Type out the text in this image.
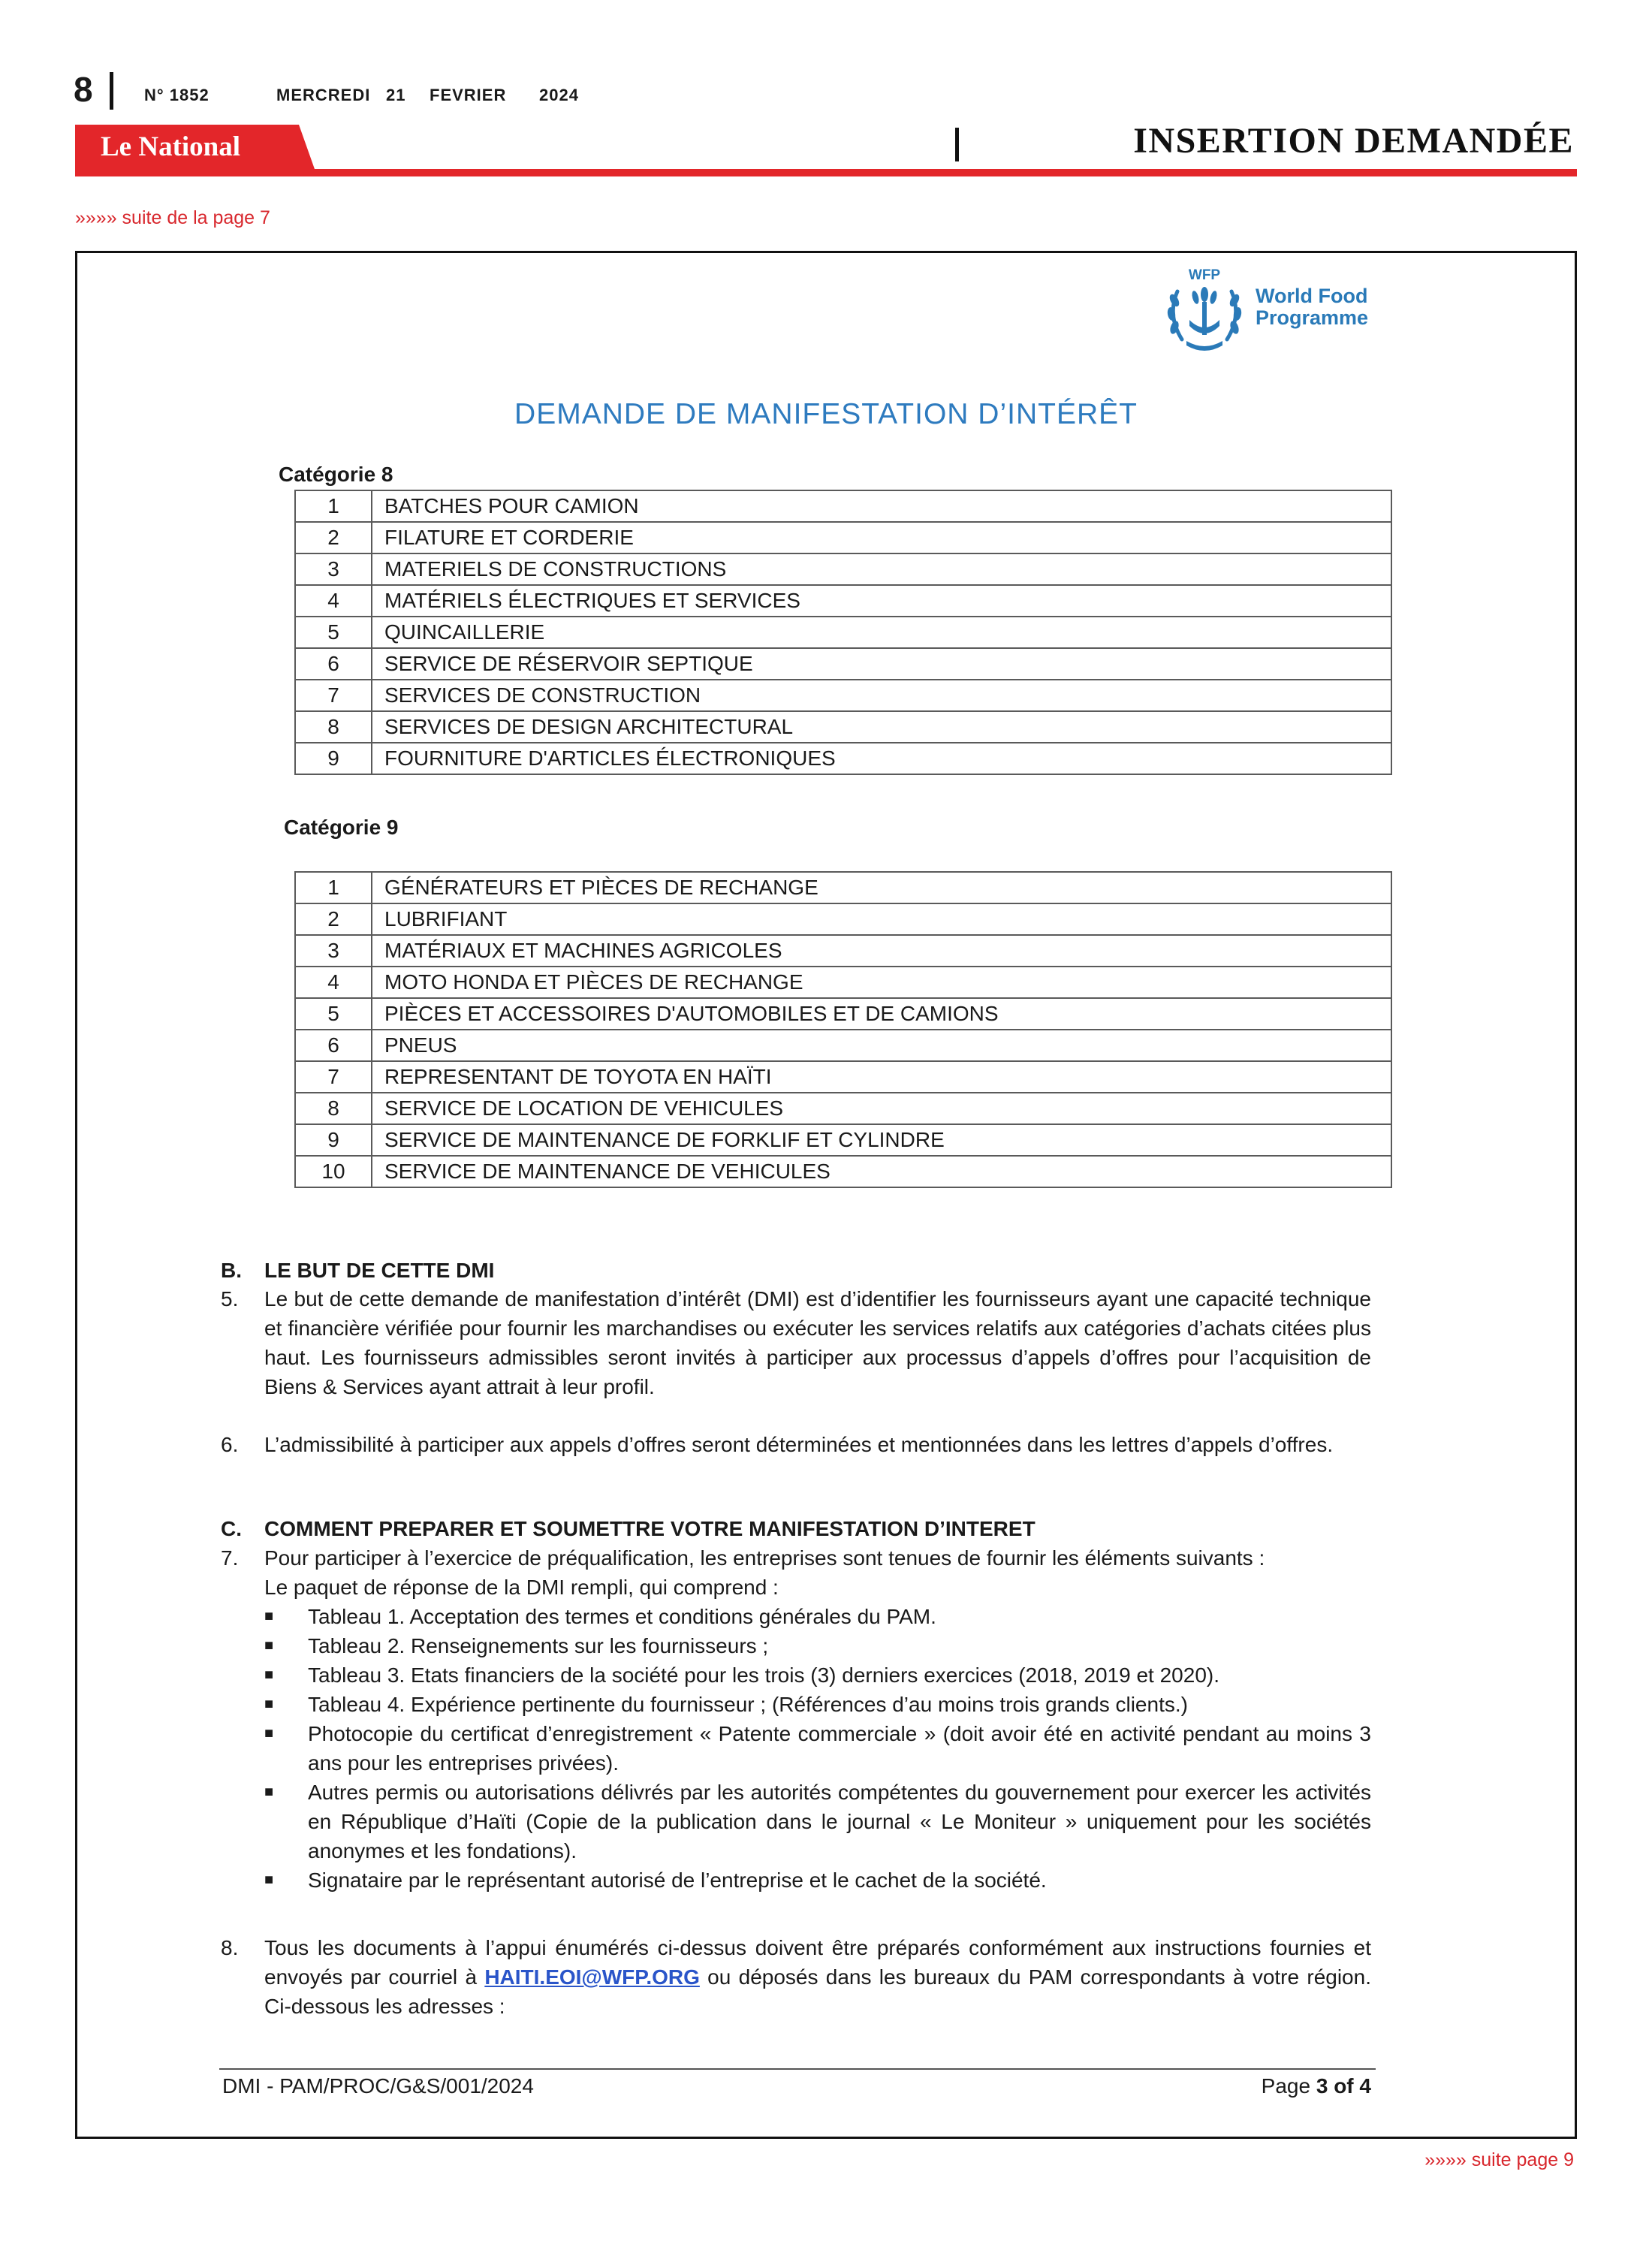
8	N° 1852	MERCREDI 21 FEVRIER 2024
Le National	INSERTION DEMANDÉE
»»»» suite de la page 7
WFP
World Food
Programme
DEMANDE DE MANIFESTATION D’INTÉRÊT
Catégorie 8
1	BATCHES POUR CAMION
2	FILATURE ET CORDERIE
3	MATERIELS DE CONSTRUCTIONS
4	MATÉRIELS ÉLECTRIQUES ET SERVICES
5	QUINCAILLERIE
6	SERVICE DE RÉSERVOIR SEPTIQUE
7	SERVICES DE CONSTRUCTION
8	SERVICES DE DESIGN ARCHITECTURAL
9	FOURNITURE D'ARTICLES ÉLECTRONIQUES
Catégorie 9
1	GÉNÉRATEURS ET PIÈCES DE RECHANGE
2	LUBRIFIANT
3	MATÉRIAUX ET MACHINES AGRICOLES
4	MOTO HONDA ET PIÈCES DE RECHANGE
5	PIÈCES ET ACCESSOIRES D'AUTOMOBILES ET DE CAMIONS
6	PNEUS
7	REPRESENTANT DE TOYOTA EN HAÏTI
8	SERVICE DE LOCATION DE VEHICULES
9	SERVICE DE MAINTENANCE DE FORKLIF ET CYLINDRE
10	SERVICE DE MAINTENANCE DE VEHICULES
B. LE BUT DE CETTE DMI
5. Le but de cette demande de manifestation d’intérêt (DMI) est d’identifier les fournisseurs ayant une capacité technique et financière vérifiée pour fournir les marchandises ou exécuter les services relatifs aux catégories d’achats citées plus haut. Les fournisseurs admissibles seront invités à participer aux processus d’appels d’offres pour l’acquisition de Biens & Services ayant attrait à leur profil.
6. L’admissibilité à participer aux appels d’offres seront déterminées et mentionnées dans les lettres d’appels d’offres.
C. COMMENT PREPARER ET SOUMETTRE VOTRE MANIFESTATION D’INTERET
7. Pour participer à l’exercice de préqualification, les entreprises sont tenues de fournir les éléments suivants :
Le paquet de réponse de la DMI rempli, qui comprend :
■	Tableau 1. Acceptation des termes et conditions générales du PAM.
■	Tableau 2. Renseignements sur les fournisseurs ;
■	Tableau 3. Etats financiers de la société pour les trois (3) derniers exercices (2018, 2019 et 2020).
■	Tableau 4. Expérience pertinente du fournisseur ; (Références d’au moins trois grands clients.)
■	Photocopie du certificat d’enregistrement « Patente commerciale » (doit avoir été en activité pendant au moins 3 ans pour les entreprises privées).
■	Autres permis ou autorisations délivrés par les autorités compétentes du gouvernement pour exercer les activités en République d’Haïti (Copie de la publication dans le journal « Le Moniteur » uniquement pour les sociétés anonymes et les fondations).
■	Signataire par le représentant autorisé de l’entreprise et le cachet de la société.
8. Tous les documents à l’appui énumérés ci-dessus doivent être préparés conformément aux instructions fournies et envoyés par courriel à HAITI.EOI@WFP.ORG ou déposés dans les bureaux du PAM correspondants à votre région. Ci-dessous les adresses :
DMI - PAM/PROC/G&S/001/2024	Page 3 of 4
»»»» suite page 9
